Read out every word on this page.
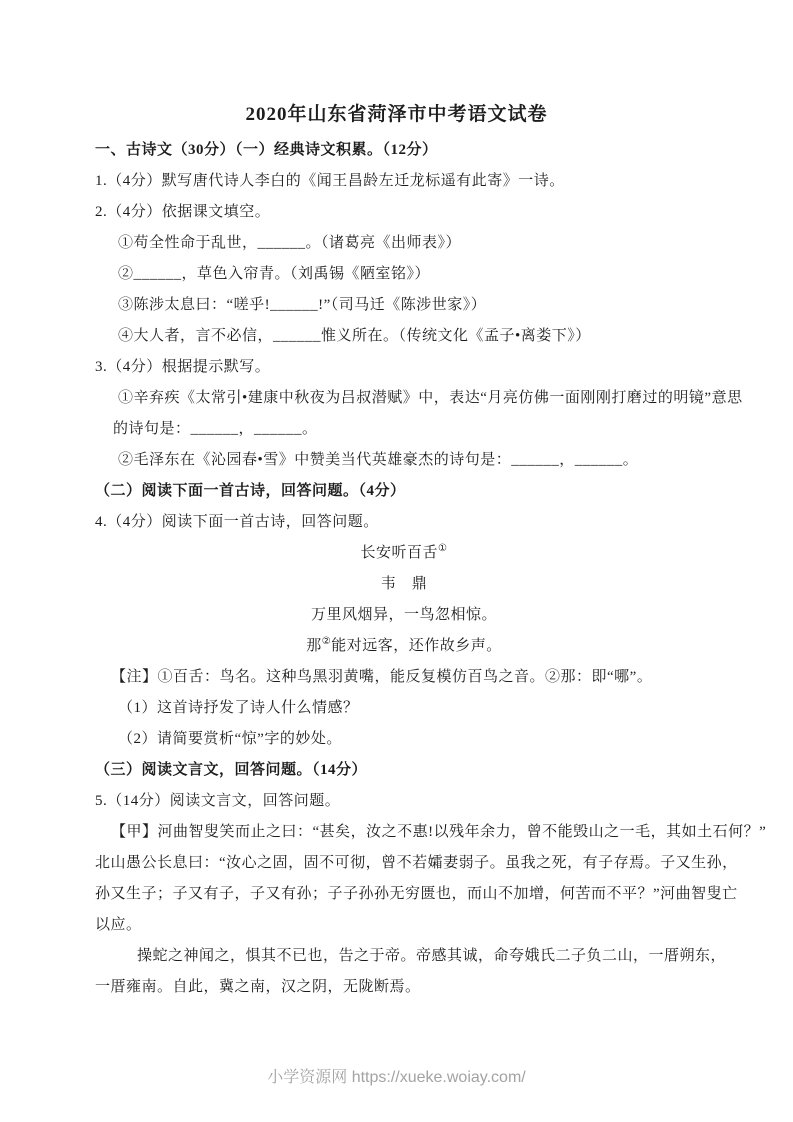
2020年山东省菏泽市中考语文试卷
一、古诗文（30分）（一）经典诗文积累。（12分）
1.（4分）默写唐代诗人李白的《闻王昌龄左迁龙标遥有此寄》一诗。
2.（4分）依据课文填空。
①苟全性命于乱世，______。（诸葛亮《出师表》）
②______，草色入帘青。（刘禹锡《陋室铭》）
③陈涉太息曰：“嗟乎!______!”（司马迁《陈涉世家》）
④大人者，言不必信，______惟义所在。（传统文化《孟子•离娄下》）
3.（4分）根据提示默写。
①辛弃疾《太常引•建康中秋夜为吕叔潜赋》中，表达“月亮仿佛一面刚刚打磨过的明镜”意思
的诗句是：______，______。
②毛泽东在《沁园春•雪》中赞美当代英雄豪杰的诗句是：______，______。
（二）阅读下面一首古诗，回答问题。（4分）
4.（4分）阅读下面一首古诗，回答问题。
长安听百舌①
韦　鼎
万里风烟异，一鸟忽相惊。
那②能对远客，还作故乡声。
【注】①百舌：鸟名。这种鸟黑羽黄嘴，能反复模仿百鸟之音。②那：即“哪”。
（1）这首诗抒发了诗人什么情感？
（2）请简要赏析“惊”字的妙处。
（三）阅读文言文，回答问题。（14分）
5.（14分）阅读文言文，回答问题。
【甲】河曲智叟笑而止之曰：“甚矣，汝之不惠!以残年余力，曾不能毁山之一毛，其如土石何？”
北山愚公长息曰：“汝心之固，固不可彻，曾不若孀妻弱子。虽我之死，有子存焉。子又生孙，
孙又生子；子又有子，子又有孙；子子孙孙无穷匮也，而山不加增，何苦而不平？”河曲智叟亡
以应。
操蛇之神闻之，惧其不已也，告之于帝。帝感其诚，命夸娥氏二子负二山，一厝朔东，
一厝雍南。自此，冀之南，汉之阴，无陇断焉。
小学资源网 https://xueke.woiay.com/
